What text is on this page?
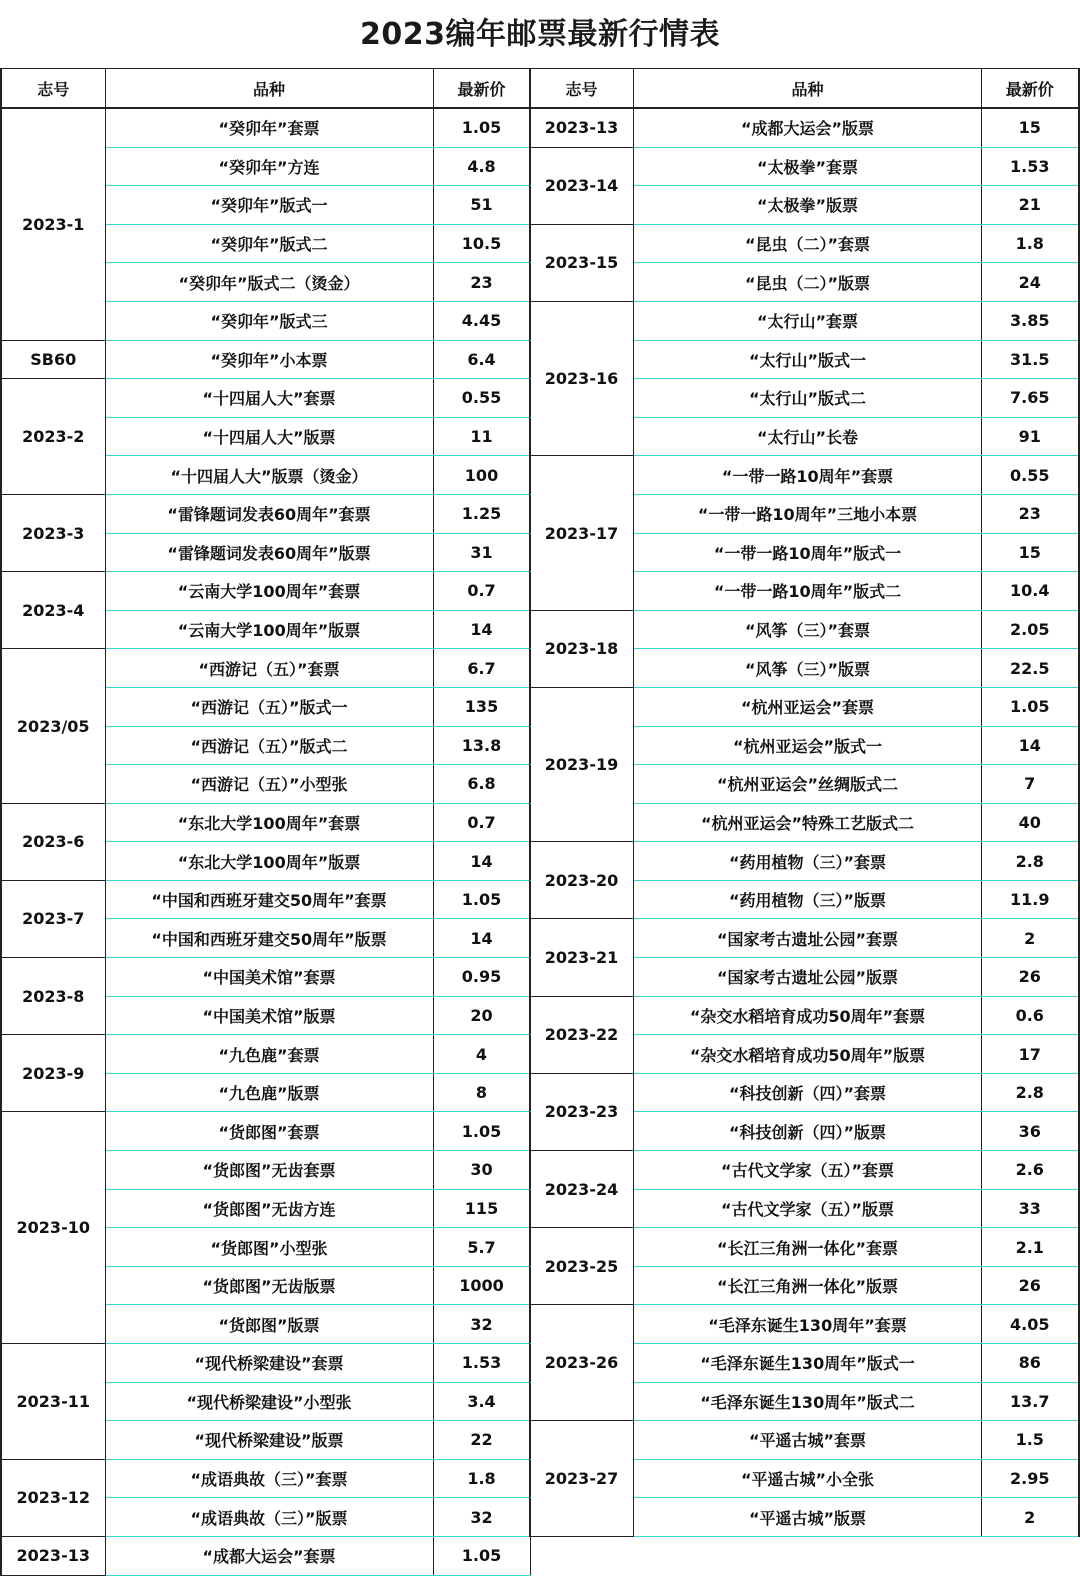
2023编年邮票最新行情表
志号	品种	最新价
2023-1	“癸卯年”套票	1.05
	“癸卯年”方连	4.8
	“癸卯年”版式一	51
	“癸卯年”版式二	10.5
	“癸卯年”版式二（烫金）	23
	“癸卯年”版式三	4.45
SB60	“癸卯年”小本票	6.4
2023-2	“十四届人大”套票	0.55
	“十四届人大”版票	11
	“十四届人大”版票（烫金）	100
2023-3	“雷锋题词发表60周年”套票	1.25
	“雷锋题词发表60周年”版票	31
2023-4	“云南大学100周年”套票	0.7
	“云南大学100周年”版票	14
2023/05	“西游记（五）”套票	6.7
	“西游记（五）”版式一	135
	“西游记（五）”版式二	13.8
	“西游记（五）”小型张	6.8
2023-6	“东北大学100周年”套票	0.7
	“东北大学100周年”版票	14
2023-7	“中国和西班牙建交50周年”套票	1.05
	“中国和西班牙建交50周年”版票	14
2023-8	“中国美术馆”套票	0.95
	“中国美术馆”版票	20
2023-9	“九色鹿”套票	4
	“九色鹿”版票	8
2023-10	“货郎图”套票	1.05
	“货郎图”无齿套票	30
	“货郎图”无齿方连	115
	“货郎图”小型张	5.7
	“货郎图”无齿版票	1000
	“货郎图”版票	32
2023-11	“现代桥梁建设”套票	1.53
	“现代桥梁建设”小型张	3.4
	“现代桥梁建设”版票	22
2023-12	“成语典故（三）”套票	1.8
	“成语典故（三）”版票	32
2023-13	“成都大运会”套票	1.05
志号	品种	最新价
2023-13	“成都大运会”版票	15
2023-14	“太极拳”套票	1.53
	“太极拳”版票	21
2023-15	“昆虫（二）”套票	1.8
	“昆虫（二）”版票	24
2023-16	“太行山”套票	3.85
	“太行山”版式一	31.5
	“太行山”版式二	7.65
	“太行山”长卷	91
2023-17	“一带一路10周年”套票	0.55
	“一带一路10周年”三地小本票	23
	“一带一路10周年”版式一	15
	“一带一路10周年”版式二	10.4
2023-18	“风筝（三）”套票	2.05
	“风筝（三）”版票	22.5
2023-19	“杭州亚运会”套票	1.05
	“杭州亚运会”版式一	14
	“杭州亚运会”丝绸版式二	7
	“杭州亚运会”特殊工艺版式二	40
2023-20	“药用植物（三）”套票	2.8
	“药用植物（三）”版票	11.9
2023-21	“国家考古遗址公园”套票	2
	“国家考古遗址公园”版票	26
2023-22	“杂交水稻培育成功50周年”套票	0.6
	“杂交水稻培育成功50周年”版票	17
2023-23	“科技创新（四）”套票	2.8
	“科技创新（四）”版票	36
2023-24	“古代文学家（五）”套票	2.6
	“古代文学家（五）”版票	33
2023-25	“长江三角洲一体化”套票	2.1
	“长江三角洲一体化”版票	26
2023-26	“毛泽东诞生130周年”套票	4.05
	“毛泽东诞生130周年”版式一	86
	“毛泽东诞生130周年”版式二	13.7
2023-27	“平遥古城”套票	1.5
	“平遥古城”小全张	2.95
	“平遥古城”版票	2
